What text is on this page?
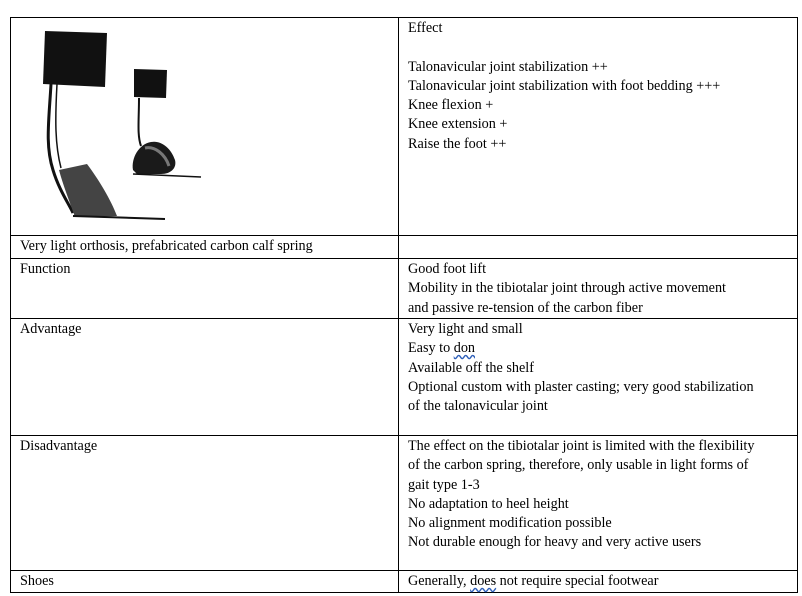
Effect
Talonavicular joint stabilization ++
Talonavicular joint stabilization with foot bedding +++
Knee flexion +
Knee extension +
Raise the foot ++
Very light orthosis, prefabricated carbon calf spring
Function	Good foot lift
Mobility in the tibiotalar joint through active movement
and passive re-tension of the carbon fiber
Advantage	Very light and small
Easy to don
Available off the shelf
Optional custom with plaster casting; very good stabilization
of the talonavicular joint
Disadvantage	The effect on the tibiotalar joint is limited with the flexibility
of the carbon spring, therefore, only usable in light forms of
gait type 1-3
No adaptation to heel height
No alignment modification possible
Not durable enough for heavy and very active users
Shoes	Generally, does not require special footwear
